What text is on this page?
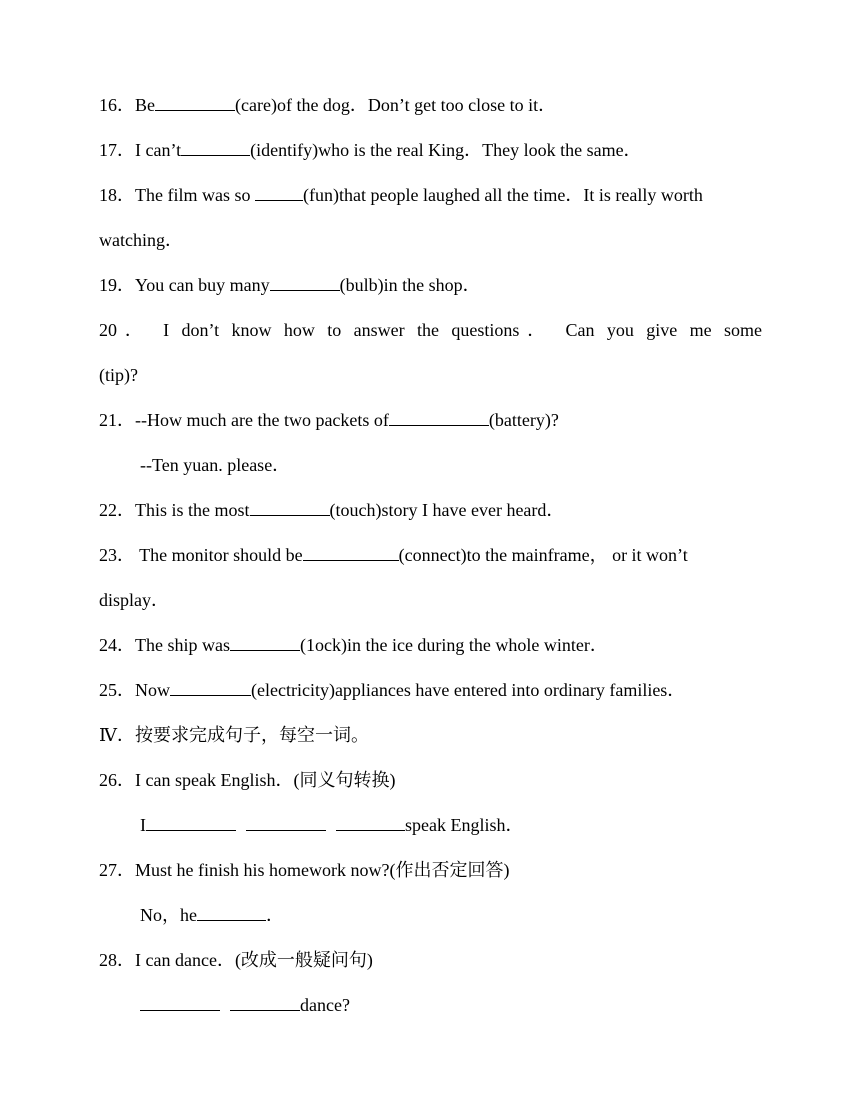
16．Be	(care)of the dog．Don’t get too close to it．
17．I can’t	(identify)who is the real King．They look the same．
18．The film was so	(fun)that people laughed all the time．It is really worth
watching．
19．You can buy many	(bulb)in the shop．
20． I don’t know how to answer the questions． Can you give me some
(tip)?
21．--How much are the two packets of	(battery)?
--Ten yuan. please．
22．This is the most	(touch)story I have ever heard．
23． The monitor should be	(connect)to the mainframe， or it won’t
display．
24．The ship was	(1ock)in the ice during the whole winter．
25．Now	(electricity)appliances have entered into ordinary families．
Ⅳ．按要求完成句子，每空一词。
26．I can speak English．(同义句转换)
I	speak English．
27．Must he finish his homework now?(作出否定回答)
No，he	．
28．I can dance．(改成一般疑问句)
dance?
